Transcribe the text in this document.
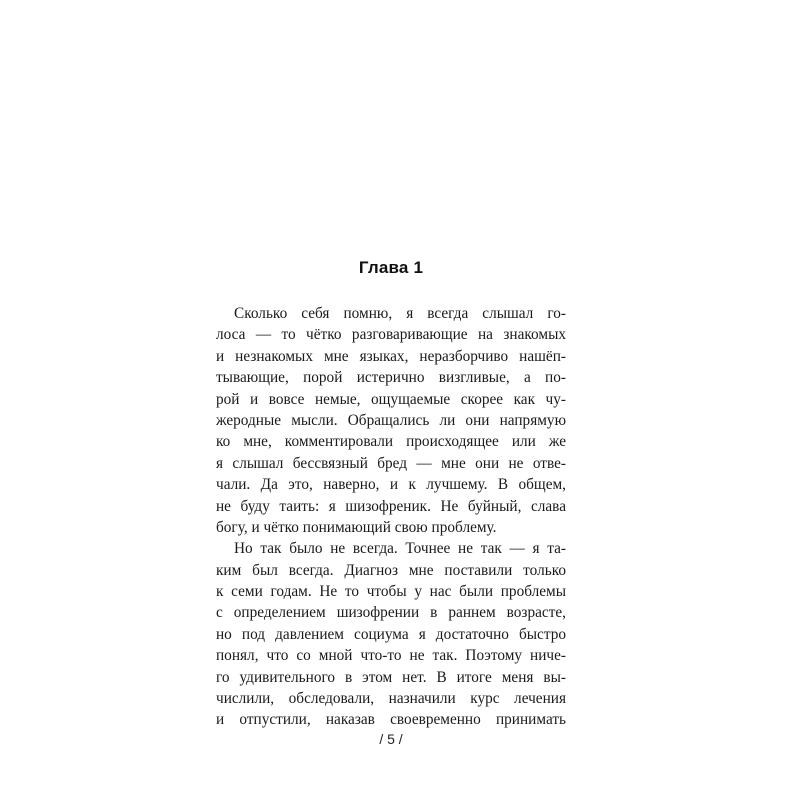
Глава 1
Сколько себя помню, я всегда слышал го-
лоса — то чётко разговаривающие на знакомых
и незнакомых мне языках, неразборчиво нашёп-
тывающие, порой истерично визгливые, а по-
рой и вовсе немые, ощущаемые скорее как чу-
жеродные мысли. Обращались ли они напрямую
ко мне, комментировали происходящее или же
я слышал бессвязный бред — мне они не отве-
чали. Да это, наверно, и к лучшему. В общем,
не буду таить: я шизофреник. Не буйный, слава
богу, и чётко понимающий свою проблему.
Но так было не всегда. Точнее не так — я та-
ким был всегда. Диагноз мне поставили только
к семи годам. Не то чтобы у нас были проблемы
с определением шизофрении в раннем возрасте,
но под давлением социума я достаточно быстро
понял, что со мной что-то не так. Поэтому ниче-
го удивительного в этом нет. В итоге меня вы-
числили, обследовали, назначили курс лечения
и отпустили, наказав своевременно принимать
/ 5 /
